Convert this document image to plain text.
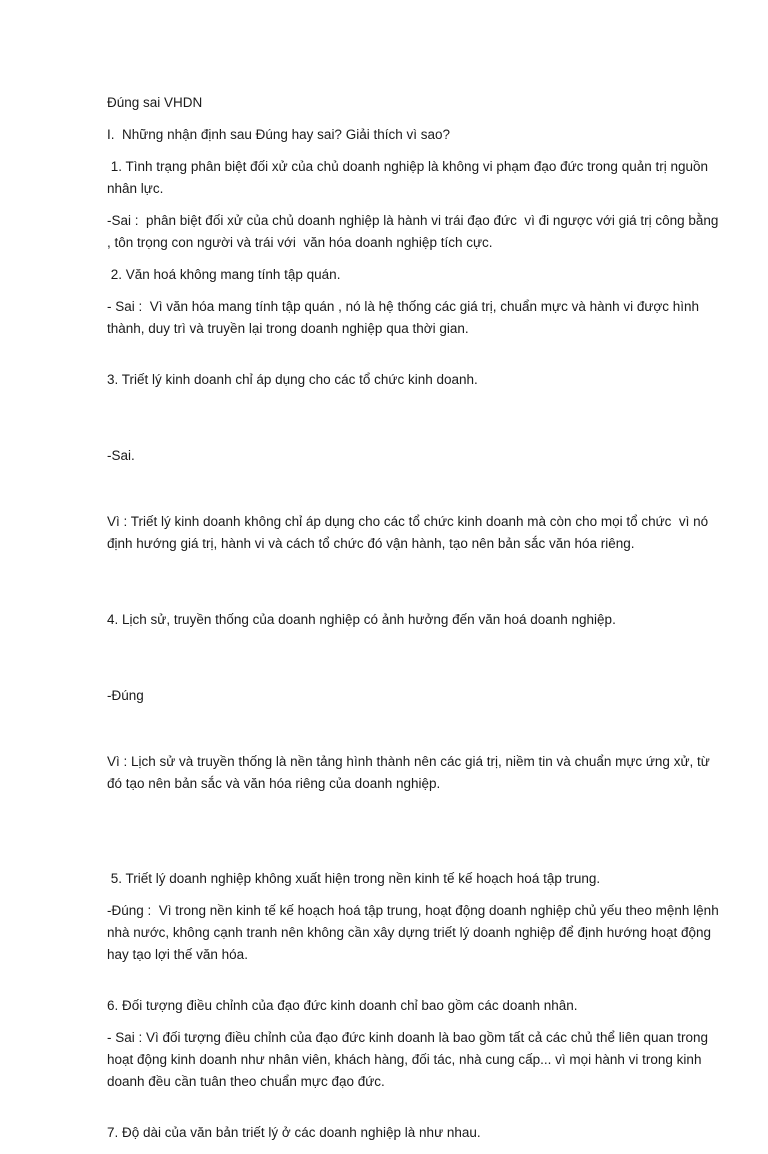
Đúng sai VHDN

I.  Những nhận định sau Đúng hay sai? Giải thích vì sao?

1. Tình trạng phân biệt đối xử của chủ doanh nghiệp là không vi phạm đạo đức trong quản trị nguồn nhân lực.

-Sai :  phân biệt đối xử của chủ doanh nghiệp là hành vi trái đạo đức  vì đi ngược với giá trị công bằng , tôn trọng con người và trái với  văn hóa doanh nghiệp tích cực.

2. Văn hoá không mang tính tập quán.

- Sai :  Vì văn hóa mang tính tập quán , nó là hệ thống các giá trị, chuẩn mực và hành vi được hình thành, duy trì và truyền lại trong doanh nghiệp qua thời gian.

3. Triết lý kinh doanh chỉ áp dụng cho các tổ chức kinh doanh.

-Sai.

Vì : Triết lý kinh doanh không chỉ áp dụng cho các tổ chức kinh doanh mà còn cho mọi tổ chức  vì nó định hướng giá trị, hành vi và cách tổ chức đó vận hành, tạo nên bản sắc văn hóa riêng.

4. Lịch sử, truyền thống của doanh nghiệp có ảnh hưởng đến văn hoá doanh nghiệp.

-Đúng

Vì : Lịch sử và truyền thống là nền tảng hình thành nên các giá trị, niềm tin và chuẩn mực ứng xử, từ đó tạo nên bản sắc và văn hóa riêng của doanh nghiệp.

5. Triết lý doanh nghiệp không xuất hiện trong nền kinh tế kế hoạch hoá tập trung.

-Đúng :  Vì trong nền kinh tế kế hoạch hoá tập trung, hoạt động doanh nghiệp chủ yếu theo mệnh lệnh nhà nước, không cạnh tranh nên không cần xây dựng triết lý doanh nghiệp để định hướng hoạt động hay tạo lợi thế văn hóa.

6. Đối tượng điều chỉnh của đạo đức kinh doanh chỉ bao gồm các doanh nhân.

- Sai : Vì đối tượng điều chỉnh của đạo đức kinh doanh là bao gồm tất cả các chủ thể liên quan trong hoạt động kinh doanh như nhân viên, khách hàng, đối tác, nhà cung cấp... vì mọi hành vi trong kinh doanh đều cần tuân theo chuẩn mực đạo đức.

7. Độ dài của văn bản triết lý ở các doanh nghiệp là như nhau.
